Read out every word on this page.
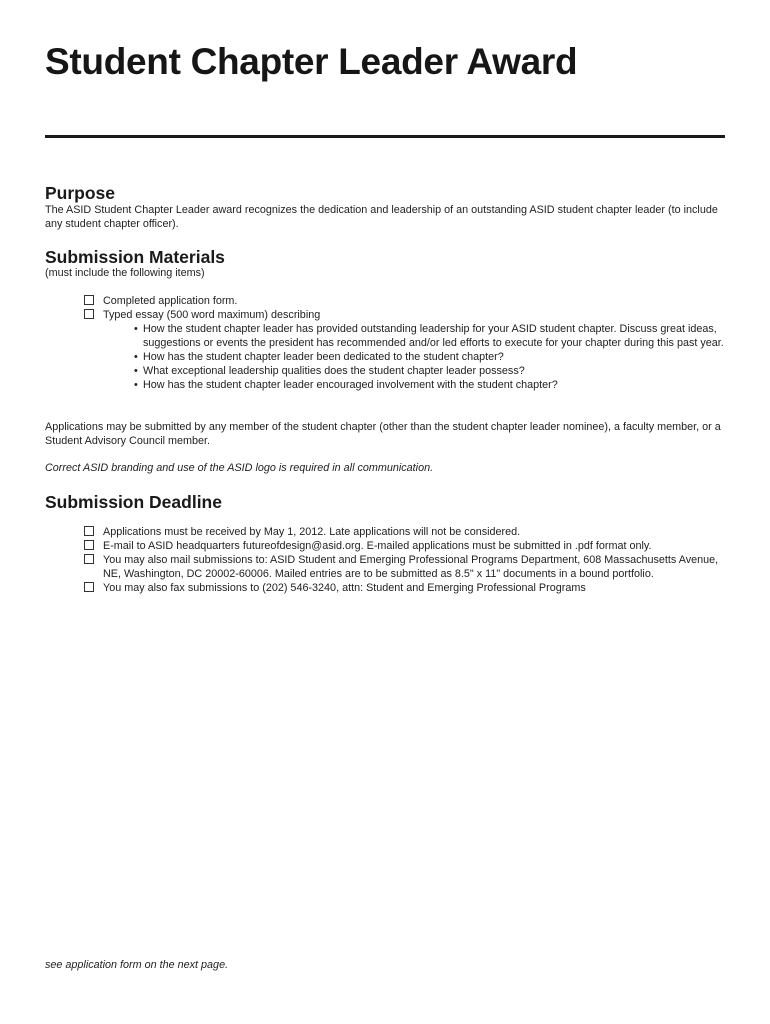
Student Chapter Leader Award
Purpose
The ASID Student Chapter Leader award recognizes the dedication and leadership of an outstanding ASID student chapter leader (to include any student chapter officer).
Submission Materials
(must include the following items)
Completed application form.
Typed essay (500 word maximum) describing
• How the student chapter leader has provided outstanding leadership for your ASID student chapter. Discuss great ideas, suggestions or events the president has recommended and/or led efforts to execute for your chapter during this past year.
• How has the student chapter leader been dedicated to the student chapter?
• What exceptional leadership qualities does the student chapter leader possess?
• How has the student chapter leader encouraged involvement with the student chapter?
Applications may be submitted by any member of the student chapter (other than the student chapter leader nominee), a faculty member, or a Student Advisory Council member.
Correct ASID branding and use of the ASID logo is required in all communication.
Submission Deadline
Applications must be received by May 1, 2012. Late applications will not be considered.
E-mail to ASID headquarters futureofdesign@asid.org. E-mailed applications must be submitted in .pdf format only.
You may also mail submissions to: ASID Student and Emerging Professional Programs Department, 608 Massachusetts Avenue, NE, Washington, DC 20002-60006. Mailed entries are to be submitted as 8.5" x 11" documents in a bound portfolio.
You may also fax submissions to (202) 546-3240, attn: Student and Emerging Professional Programs
see application form on the next page.
